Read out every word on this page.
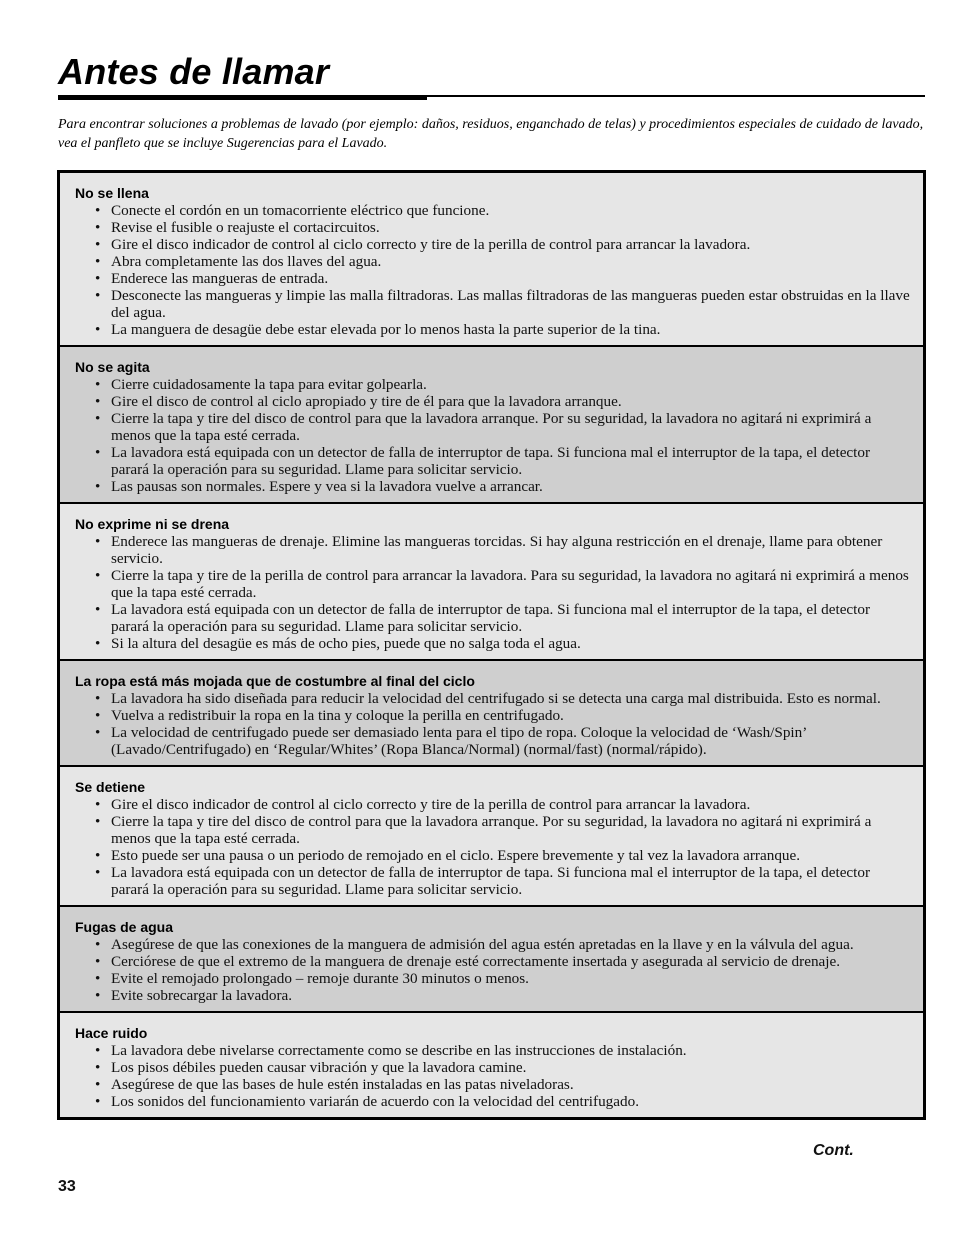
Antes de llamar

Para encontrar soluciones a problemas de lavado (por ejemplo: daños, residuos, enganchado de telas) y procedimientos especiales de cuidado de lavado, vea el panfleto que se incluye Sugerencias para el Lavado.

No se llena
• Conecte el cordón en un tomacorriente eléctrico que funcione.
• Revise el fusible o reajuste el cortacircuitos.
• Gire el disco indicador de control al ciclo correcto y tire de la perilla de control para arrancar la lavadora.
• Abra completamente las dos llaves del agua.
• Enderece las mangueras de entrada.
• Desconecte las mangueras y limpie las malla filtradoras. Las mallas filtradoras de las mangueras pueden estar obstruidas en la llave del agua.
• La manguera de desagüe debe estar elevada por lo menos hasta la parte superior de la tina.
No se agita
• Cierre cuidadosamente la tapa para evitar golpearla.
• Gire el disco de control al ciclo apropiado y tire de él para que la lavadora arranque.
• Cierre la tapa y tire del disco de control para que la lavadora arranque. Por su seguridad, la lavadora no agitará ni exprimirá a menos que la tapa esté cerrada.
• La lavadora está equipada con un detector de falla de interruptor de tapa. Si funciona mal el interruptor de la tapa, el detector parará la operación para su seguridad. Llame para solicitar servicio.
• Las pausas son normales. Espere y vea si la lavadora vuelve a arrancar.
No exprime ni se drena
• Enderece las mangueras de drenaje. Elimine las mangueras torcidas. Si hay alguna restricción en el drenaje, llame para obtener servicio.
• Cierre la tapa y tire de la perilla de control para arrancar la lavadora. Para su seguridad, la lavadora no agitará ni exprimirá a menos que la tapa esté cerrada.
• La lavadora está equipada con un detector de falla de interruptor de tapa. Si funciona mal el interruptor de la tapa, el detector parará la operación para su seguridad. Llame para solicitar servicio.
• Si la altura del desagüe es más de ocho pies, puede que no salga toda el agua.
La ropa está más mojada que de costumbre al final del ciclo
• La lavadora ha sido diseñada para reducir la velocidad del centrifugado si se detecta una carga mal distribuida. Esto es normal.
• Vuelva a redistribuir la ropa en la tina y coloque la perilla en centrifugado.
• La velocidad de centrifugado puede ser demasiado lenta para el tipo de ropa. Coloque la velocidad de ‘Wash/Spin’ (Lavado/Centrifugado) en ‘Regular/Whites’ (Ropa Blanca/Normal) (normal/fast) (normal/rápido).
Se detiene
• Gire el disco indicador de control al ciclo correcto y tire de la perilla de control para arrancar la lavadora.
• Cierre la tapa y tire del disco de control para que la lavadora arranque. Por su seguridad, la lavadora no agitará ni exprimirá a menos que la tapa esté cerrada.
• Esto puede ser una pausa o un periodo de remojado en el ciclo. Espere brevemente y tal vez la lavadora arranque.
• La lavadora está equipada con un detector de falla de interruptor de tapa. Si funciona mal el interruptor de la tapa, el detector parará la operación para su seguridad. Llame para solicitar servicio.
Fugas de agua
• Asegúrese de que las conexiones de la manguera de admisión del agua estén apretadas en la llave y en la válvula del agua.
• Cerciórese de que el extremo de la manguera de drenaje esté correctamente insertada y asegurada al servicio de drenaje.
• Evite el remojado prolongado – remoje durante 30 minutos o menos.
• Evite sobrecargar la lavadora.
Hace ruido
• La lavadora debe nivelarse correctamente como se describe en las instrucciones de instalación.
• Los pisos débiles pueden causar vibración y que la lavadora camine.
• Asegúrese de que las bases de hule estén instaladas en las patas niveladoras.
• Los sonidos del funcionamiento variarán de acuerdo con la velocidad del centrifugado.
Cont.
33
